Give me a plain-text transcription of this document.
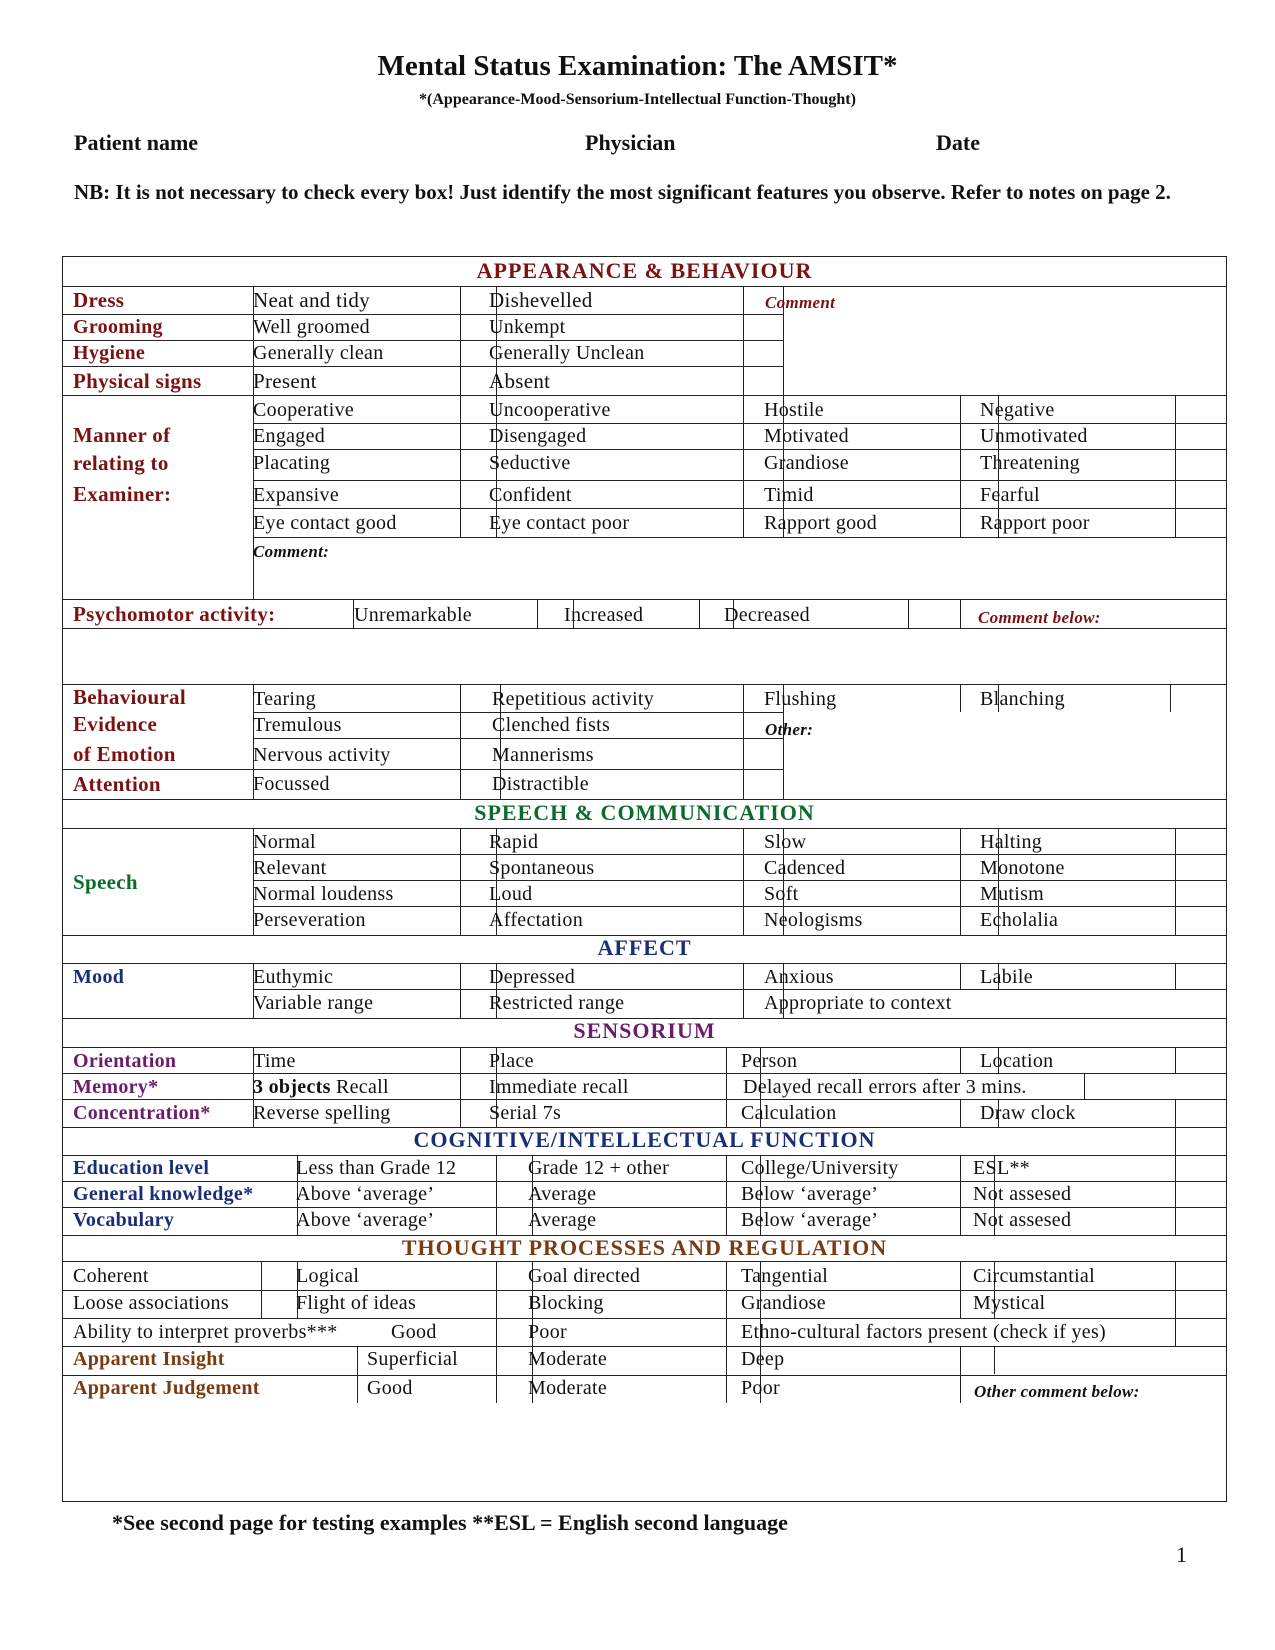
Mental Status Examination: The AMSIT*
*(Appearance-Mood-Sensorium-Intellectual Function-Thought)
Patient name	Physician	Date
NB: It is not necessary to check every box! Just identify the most significant features you observe. Refer to notes on page 2.
APPEARANCE & BEHAVIOUR
Dress	Neat and tidy	Dishevelled	Comment
Grooming	Well groomed	Unkempt
Hygiene	Generally clean	Generally Unclean
Physical signs Present	Absent
Manner of
relating to
Examiner:
Cooperative	Uncooperative	Hostile	Negative
Engaged	Disengaged	Motivated	Unmotivated
Placating	Seductive	Grandiose	Threatening
Expansive	Confident	Timid	Fearful
Eye contact good	Eye contact poor	Rapport good	Rapport poor
Comment:
Psychomotor activity:	Unremarkable	Increased	Decreased	Comment below:
Behavioural
Evidence
of Emotion
Tearing	Repetitious activity	Flushing	Blanching
Tremulous	Clenched fists	Other:
Nervous activity	Mannerisms
Attention	Focussed	Distractible
SPEECH & COMMUNICATION
Speech
Normal	Rapid	Slow	Halting
Relevant	Spontaneous	Cadenced	Monotone
Normal loudenss	Loud	Soft	Mutism
Perseveration	Affectation	Neologisms	Echolalia
AFFECT
Mood	Euthymic	Depressed	Anxious	Labile
Variable range	Restricted range	Appropriate to context
SENSORIUM
Orientation	Time	Place	Person	Location
Memory*	3 objects Recall	Immediate recall	Delayed recall errors after 3 mins.
Concentration* Reverse spelling	Serial 7s	Calculation	Draw clock
COGNITIVE/INTELLECTUAL FUNCTION
Education level	Less than Grade 12	Grade 12 + other	College/University	ESL**
General knowledge* Above ‘average’	Average	Below ‘average’	Not assesed
Vocabulary	Above ‘average’	Average	Below ‘average’	Not assesed
THOUGHT PROCESSES AND REGULATION
Coherent	Logical	Goal directed	Tangential	Circumstantial
Loose associations	Flight of ideas	Blocking	Grandiose	Mystical
Ability to interpret proverbs***	Good	Poor	Ethno-cultural factors present (check if yes)
Apparent Insight	Superficial	Moderate	Deep
Apparent Judgement	Good	Moderate	Poor	Other comment below:
*See second page for testing examples **ESL = English second language
1
